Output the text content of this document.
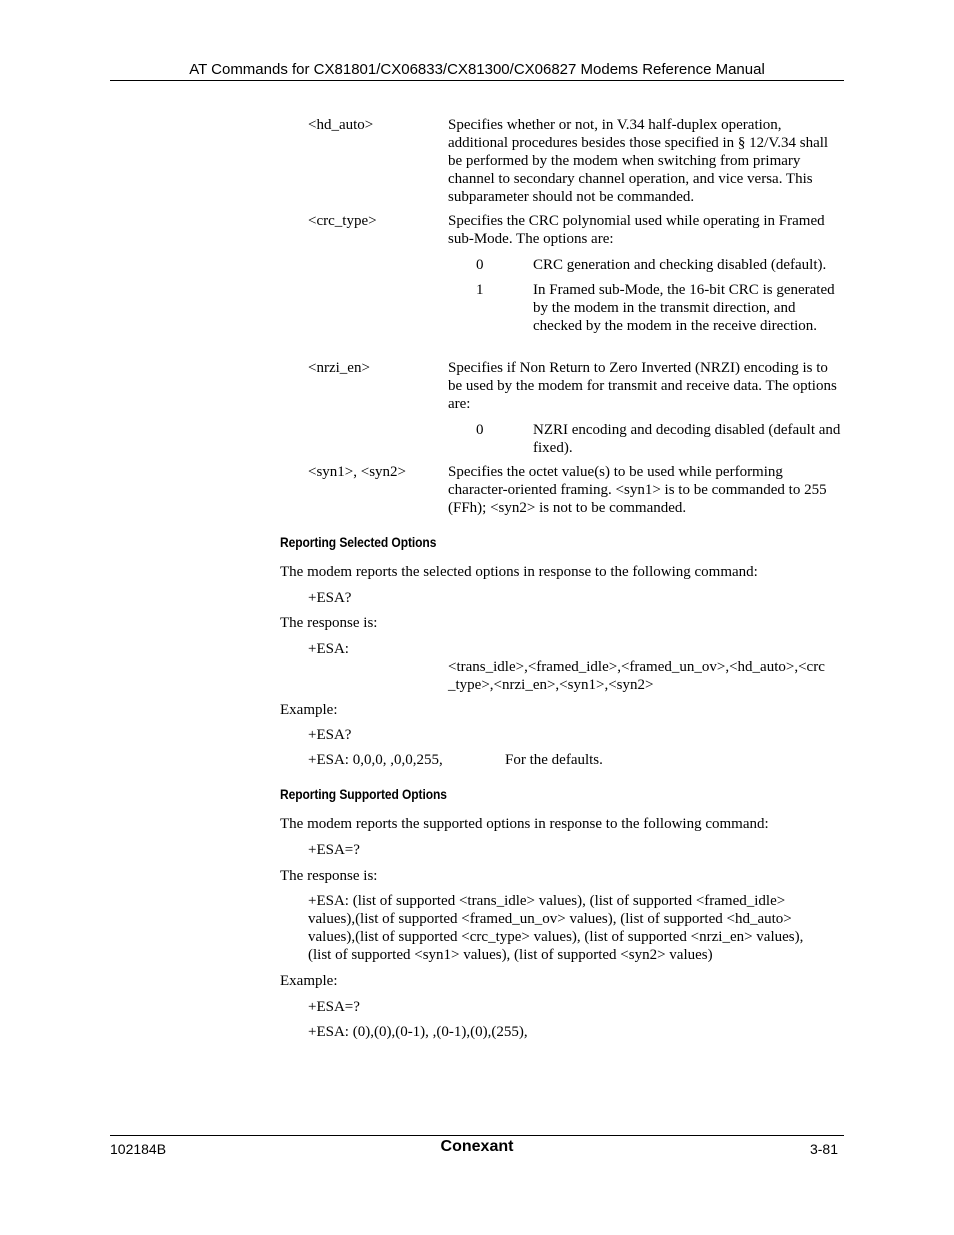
AT Commands for CX81801/CX06833/CX81300/CX06827 Modems Reference Manual
<hd_auto>	Specifies whether or not, in V.34 half-duplex operation, additional procedures besides those specified in § 12/V.34 shall be performed by the modem when switching from primary channel to secondary channel operation, and vice versa. This subparameter should not be commanded.
<crc_type>	Specifies the CRC polynomial used while operating in Framed sub-Mode. The options are:
0	CRC generation and checking disabled (default).
1	In Framed sub-Mode, the 16-bit CRC is generated by the modem in the transmit direction, and checked by the modem in the receive direction.
<nrzi_en>	Specifies if Non Return to Zero Inverted (NRZI) encoding is to be used by the modem for transmit and receive data. The options are:
0	NZRI encoding and decoding disabled (default and fixed).
<syn1>, <syn2>	Specifies the octet value(s) to be used while performing character-oriented framing. <syn1> is to be commanded to 255 (FFh); <syn2> is not to be commanded.
Reporting Selected Options
The modem reports the selected options in response to the following command:
+ESA?
The response is:
+ESA:
<trans_idle>,<framed_idle>,<framed_un_ov>,<hd_auto>,<crc
_type>,<nrzi_en>,<syn1>,<syn2>
Example:
+ESA?
+ESA: 0,0,0, ,0,0,255,	For the defaults.
Reporting Supported Options
The modem reports the supported options in response to the following command:
+ESA=?
The response is:
+ESA: (list of supported <trans_idle> values), (list of supported <framed_idle> values),(list of supported <framed_un_ov> values), (list of supported <hd_auto> values),(list of supported <crc_type> values), (list of supported <nrzi_en> values), (list of supported <syn1> values), (list of supported <syn2> values)
Example:
+ESA=?
+ESA: (0),(0),(0-1), ,(0-1),(0),(255),
102184B	Conexant	3-81
